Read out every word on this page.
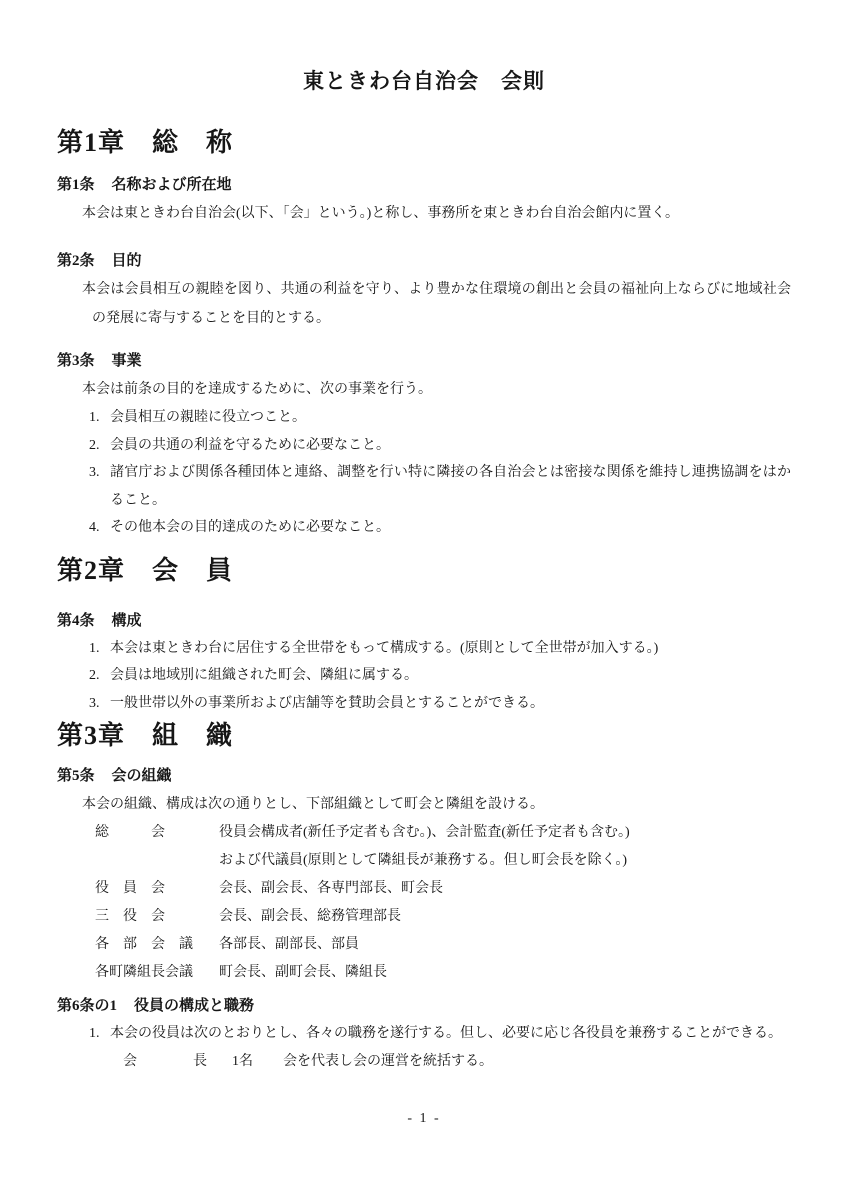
東ときわ台自治会　会則
第1章　総　称
第1条 名称および所在地

本会は東ときわ台自治会(以下、「会」という。)と称し、事務所を東ときわ台自治会館内に置く。

第2条 目的

本会は会員相互の親睦を図り、共通の利益を守り、より豊かな住環境の創出と会員の福祉向上ならびに地域社会の発展に寄与することを目的とする。

第3条 事業

本会は前条の目的を達成するために、次の事業を行う。

1. 会員相互の親睦に役立つこと。
2. 会員の共通の利益を守るために必要なこと。
3. 諸官庁および関係各種団体と連絡、調整を行い特に隣接の各自治会とは密接な関係を維持し連携協調をはかること。
4. その他本会の目的達成のために必要なこと。
第2章　会　員
第4条 構成
1. 本会は東ときわ台に居住する全世帯をもって構成する。(原則として全世帯が加入する。)
2. 会員は地域別に組織された町会、隣組に属する。
3. 一般世帯以外の事業所および店舗等を賛助会員とすることができる。
第3章　組　織
第5条 会の組織

本会の組織、構成は次の通りとし、下部組織として町会と隣組を設ける。

総　　　会	役員会構成者(新任予定者も含む。)、会計監査(新任予定者も含む。)
および代議員(原則として隣組長が兼務する。但し町会長を除く。)
役　員　会	会長、副会長、各専門部長、町会長
三　役　会	会長、副会長、総務管理部長
各　部　会　議	各部長、副部長、部員
各町隣組長会議	町会長、副町会長、隣組長
第6条の1 役員の構成と職務
1. 本会の役員は次のとおりとし、各々の職務を遂行する。但し、必要に応じ各役員を兼務することができる。
会　　　　長 1名 会を代表し会の運営を統括する。
- 1 -
